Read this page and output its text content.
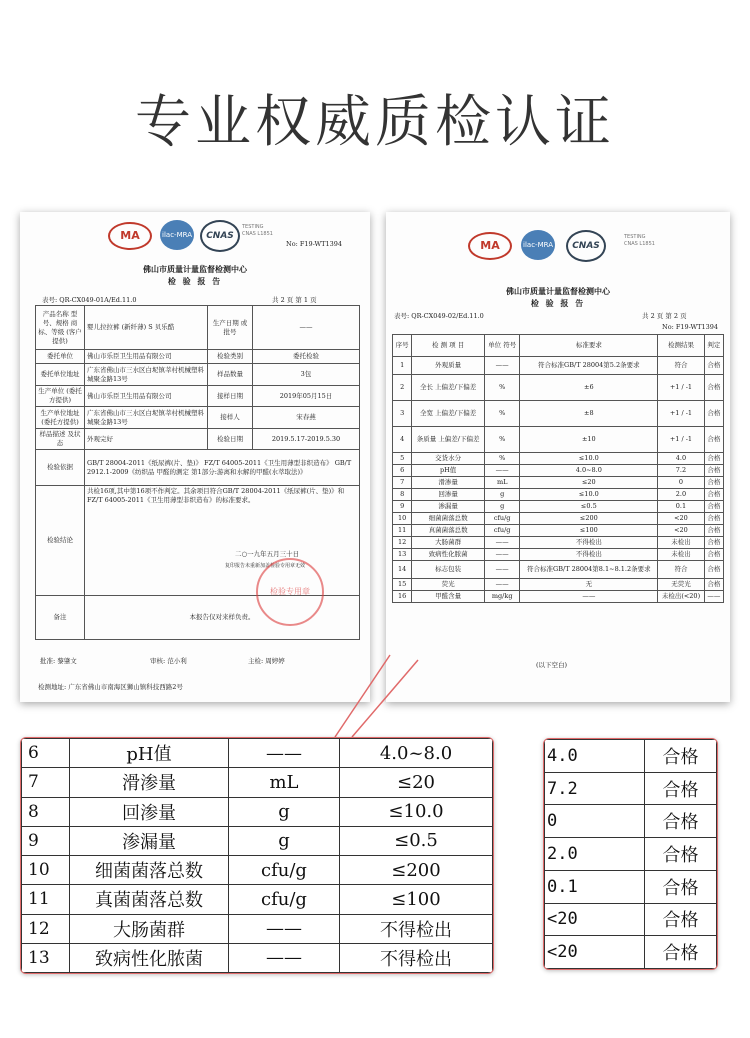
专业权威质检认证
MA	ilac-MRA	CNAS
TESTING
CNAS L1851
No: F19-WT1394
佛山市质量计量监督检测中心
检 验 报 告
表号: QR-CX049-01A/Ed.11.0	共 2 页 第 1 页
产品名称 型号、规格 商标、等级 (客户提供)	婴儿拉拉裤 (新纤薄) S 贝乐酷	生产日期 或批号	——
委托单位	佛山市乐臣卫生用品有限公司	检验类别	委托检验
委托单位地址	广东省佛山市三水区白坭镇莘村机械塑料城聚金路13号	样品数量	3包
生产单位 (委托方提供)	佛山市乐臣卫生用品有限公司	接样日期	2019年05月15日
生产单位地址 (委托方提供)	广东省佛山市三水区白坭镇莘村机械塑料城聚金路13号	接样人	宋春燕
样品描述 及状态	外观完好	检验日期	2019.5.17-2019.5.30
检验依据	GB/T 28004-2011《纸尿裤(片、垫)》 FZ/T 64005-2011《卫生用薄型非织造布》 GB/T 2912.1-2009《纺织品 甲醛的测定 第1部分:游离和水解的甲醛(水萃取法)》		
检验结论	共检16项,其中第16项不作判定。其余项目符合GB/T 28004-2011《纸尿裤(片、垫)》和FZ/T 64005-2011《卫生用薄型非织造布》的标准要求。
二○一九年五月三十日
复印报告未重新加盖检验专用章无效		

备注	本报告仅对来样负责。		
检验专用章
批准: 黎肇文	审核: 范小利	主检: 周婷婷
检测地址: 广东省佛山市南海区狮山镇科技西路2号
MA	ilac-MRA	CNAS
TESTING
CNAS L1851
佛山市质量计量监督检测中心
检 验 报 告
表号: QR-CX049-02/Ed.11.0	共 2 页 第 2 页
No: F19-WT1394
序号	检 测 项 目	单位 符号	标准要求	检测结果	判定
1	外观质量	——	符合标准GB/T 28004第5.2条要求	符合	合格
2	全长 上偏差/下偏差	%	±6	+1 / -1	合格
3	全宽 上偏差/下偏差	%	±8	+1 / -1	合格
4	条质量 上偏差/下偏差	%	±10	+1 / -1	合格
5	交货水分	%	≤10.0	4.0	合格
6	pH值	——	4.0~8.0	7.2	合格
7	滑渗量	mL	≤20	0	合格
8	回渗量	g	≤10.0	2.0	合格
9	渗漏量	g	≤0.5	0.1	合格
10	细菌菌落总数	cfu/g	≤200	<20	合格
11	真菌菌落总数	cfu/g	≤100	<20	合格
12	大肠菌群	——	不得检出	未检出	合格
13	致病性化脓菌	——	不得检出	未检出	合格
14	标志包装	——	符合标准GB/T 28004第8.1~8.1.2条要求	符合	合格
15	荧光	——	无	无荧光	合格
16	甲醛含量	mg/kg	——	未检出(<20)	——
(以下空白)
6	pH值	——	4.0~8.0
7	滑渗量	mL	≤20
8	回渗量	g	≤10.0
9	渗漏量	g	≤0.5
10	细菌菌落总数	cfu/g	≤200
11	真菌菌落总数	cfu/g	≤100
12	大肠菌群	——	不得检出
13	致病性化脓菌	——	不得检出
4.0	合格
7.2	合格
0	合格
2.0	合格
0.1	合格
<20	合格
<20	合格
